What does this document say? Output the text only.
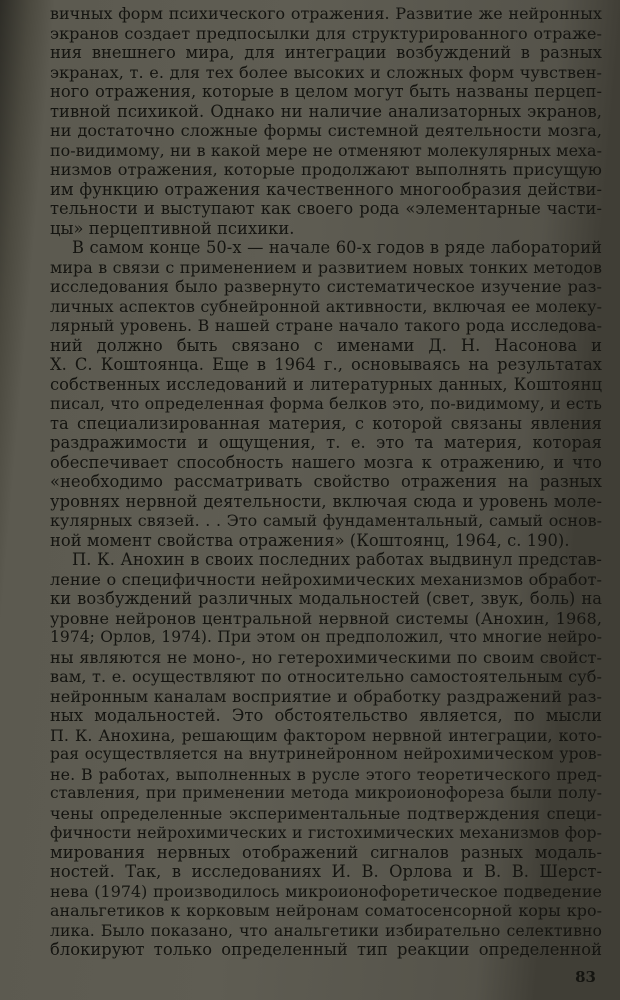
вичных форм психического отражения. Развитие же нейронных
экранов создает предпосылки для структурированного отраже-
ния внешнего мира, для интеграции возбуждений в разных
экранах, т. е. для тех более высоких и сложных форм чувствен-
ного отражения, которые в целом могут быть названы перцеп-
тивной психикой. Однако ни наличие анализаторных экранов,
ни достаточно сложные формы системной деятельности мозга,
по-видимому, ни в какой мере не отменяют молекулярных меха-
низмов отражения, которые продолжают выполнять присущую
им функцию отражения качественного многообразия действи-
тельности и выступают как своего рода «элементарные части-
цы» перцептивной психики.
В самом конце 50-х — начале 60-х годов в ряде лабораторий
мира в связи с применением и развитием новых тонких методов
исследования было развернуто систематическое изучение раз-
личных аспектов субнейронной активности, включая ее молеку-
лярный уровень. В нашей стране начало такого рода исследова-
ний должно быть связано с именами Д. Н. Насонова и
Х. С. Коштоянца. Еще в 1964 г., основываясь на результатах
собственных исследований и литературных данных, Коштоянц
писал, что определенная форма белков это, по-видимому, и есть
та специализированная материя, с которой связаны явления
раздражимости и ощущения, т. е. это та материя, которая
обеспечивает способность нашего мозга к отражению, и что
«необходимо рассматривать свойство отражения на разных
уровнях нервной деятельности, включая сюда и уровень моле-
кулярных связей. . . Это самый фундаментальный, самый основ-
ной момент свойства отражения» (Коштоянц, 1964, с. 190).
П. К. Анохин в своих последних работах выдвинул представ-
ление о специфичности нейрохимических механизмов обработ-
ки возбуждений различных модальностей (свет, звук, боль) на
уровне нейронов центральной нервной системы (Анохин, 1968,
1974; Орлов, 1974). При этом он предположил, что многие нейро-
ны являются не моно-, но гетерохимическими по своим свойст-
вам, т. е. осуществляют по относительно самостоятельным суб-
нейронным каналам восприятие и обработку раздражений раз-
ных модальностей. Это обстоятельство является, по мысли
П. К. Анохина, решающим фактором нервной интеграции, кото-
рая осуществляется на внутринейронном нейрохимическом уров-
не. В работах, выполненных в русле этого теоретического пред-
ставления, при применении метода микроионофореза были полу-
чены определенные экспериментальные подтверждения специ-
фичности нейрохимических и гистохимических механизмов фор-
мирования нервных отображений сигналов разных модаль-
ностей. Так, в исследованиях И. В. Орлова и В. В. Шерст-
нева (1974) производилось микроионофоретическое подведение
анальгетиков к корковым нейронам соматосенсорной коры кро-
лика. Было показано, что анальгетики избирательно селективно
блокируют только определенный тип реакции определенной
83
